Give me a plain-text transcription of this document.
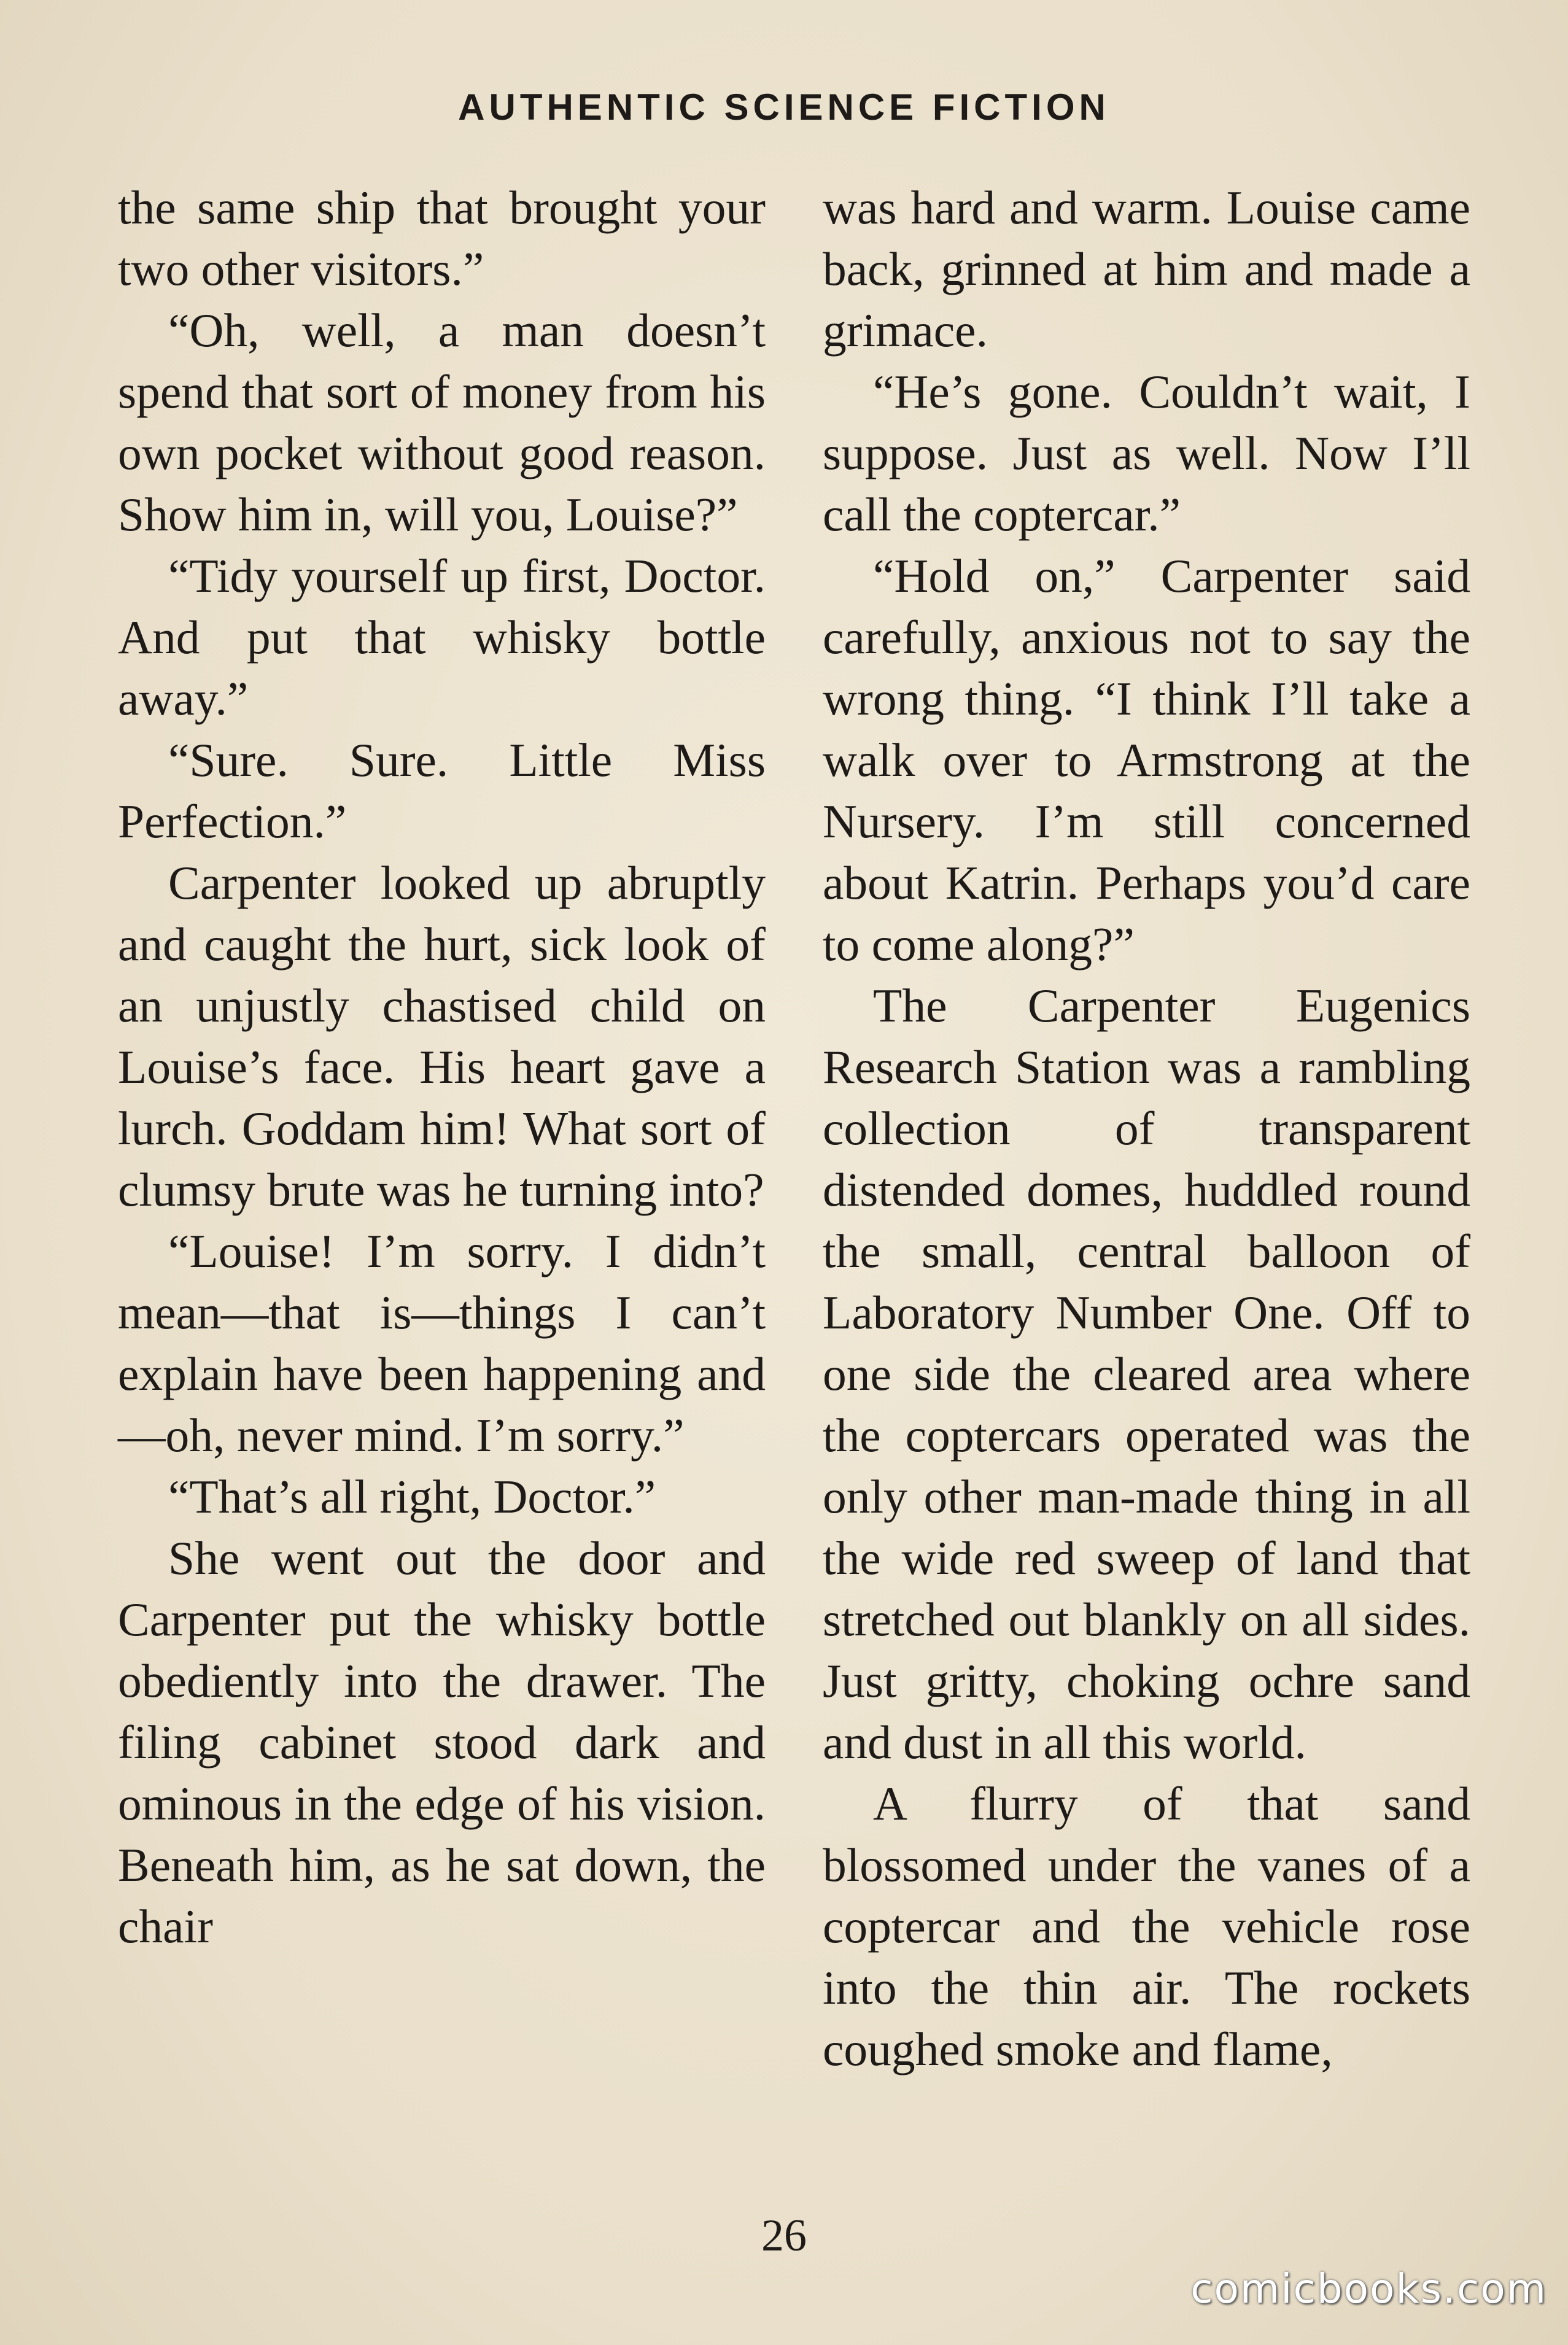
AUTHENTIC SCIENCE FICTION

the same ship that brought your two other visitors.”

“Oh, well, a man doesn’t spend that sort of money from his own pocket without good reason. Show him in, will you, Louise?”

“Tidy yourself up first, Doctor. And put that whisky bottle away.”

“Sure. Sure. Little Miss Perfection.”

Carpenter looked up abruptly and caught the hurt, sick look of an unjustly chastised child on Louise’s face. His heart gave a lurch. Goddam him! What sort of clumsy brute was he turning into?

“Louise! I’m sorry. I didn’t mean—that is—things I can’t explain have been happening and—oh, never mind. I’m sorry.”

“That’s all right, Doctor.”

She went out the door and Carpenter put the whisky bottle obediently into the drawer. The filing cabinet stood dark and ominous in the edge of his vision. Beneath him, as he sat down, the chair

was hard and warm. Louise came back, grinned at him and made a grimace.

“He’s gone. Couldn’t wait, I suppose. Just as well. Now I’ll call the coptercar.”

“Hold on,” Carpenter said carefully, anxious not to say the wrong thing. “I think I’ll take a walk over to Armstrong at the Nursery. I’m still concerned about Katrin. Perhaps you’d care to come along?”

The Carpenter Eugenics Research Station was a rambling collection of transparent distended domes, huddled round the small, central balloon of Laboratory Number One. Off to one side the cleared area where the coptercars operated was the only other man-made thing in all the wide red sweep of land that stretched out blankly on all sides. Just gritty, choking ochre sand and dust in all this world.

A flurry of that sand blossomed under the vanes of a coptercar and the vehicle rose into the thin air. The rockets coughed smoke and flame,

26
comicbooks.com
